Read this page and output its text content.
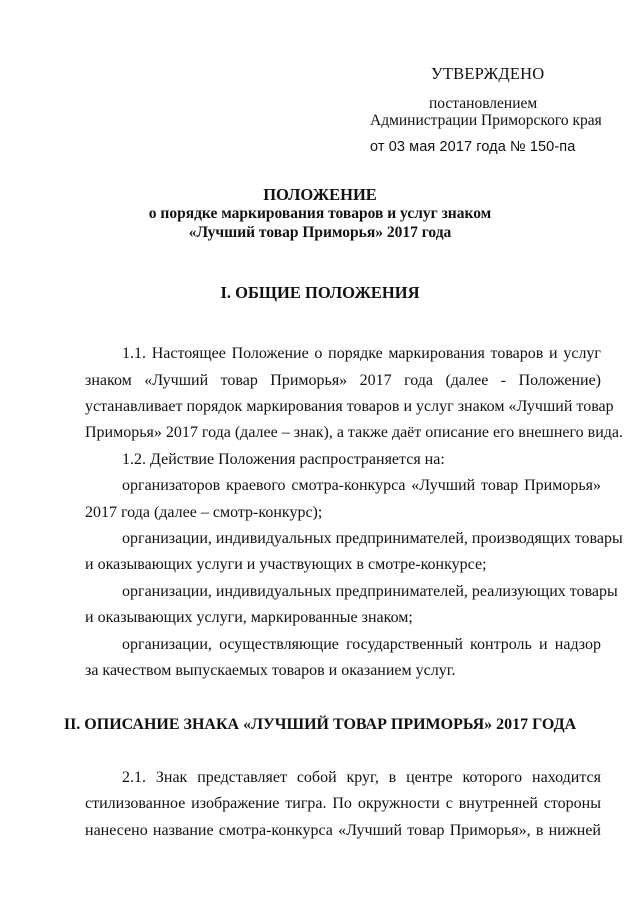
УТВЕРЖДЕНО
постановлением
Администрации Приморского края
от 03 мая 2017 года № 150-па
ПОЛОЖЕНИЕ
о порядке маркирования товаров и услуг знаком
«Лучший товар Приморья» 2017 года
I. ОБЩИЕ ПОЛОЖЕНИЯ
1.1. Настоящее Положение о порядке маркирования товаров и услуг
знаком «Лучший товар Приморья» 2017 года (далее - Положение)
устанавливает порядок маркирования товаров и услуг знаком «Лучший товар
Приморья» 2017 года (далее – знак), а также даёт описание его внешнего вида.
1.2. Действие Положения распространяется на:
организаторов краевого смотра-конкурса «Лучший товар Приморья»
2017 года (далее – смотр-конкурс);
организации, индивидуальных предпринимателей, производящих товары
и оказывающих услуги и участвующих в смотре-конкурсе;
организации, индивидуальных предпринимателей, реализующих товары
и оказывающих услуги, маркированные знаком;
организации, осуществляющие государственный контроль и надзор
за качеством выпускаемых товаров и оказанием услуг.
II. ОПИСАНИЕ ЗНАКА «ЛУЧШИЙ ТОВАР ПРИМОРЬЯ» 2017 ГОДА
2.1. Знак представляет собой круг, в центре которого находится
стилизованное изображение тигра. По окружности с внутренней стороны
нанесено название смотра-конкурса «Лучший товар Приморья», в нижней
